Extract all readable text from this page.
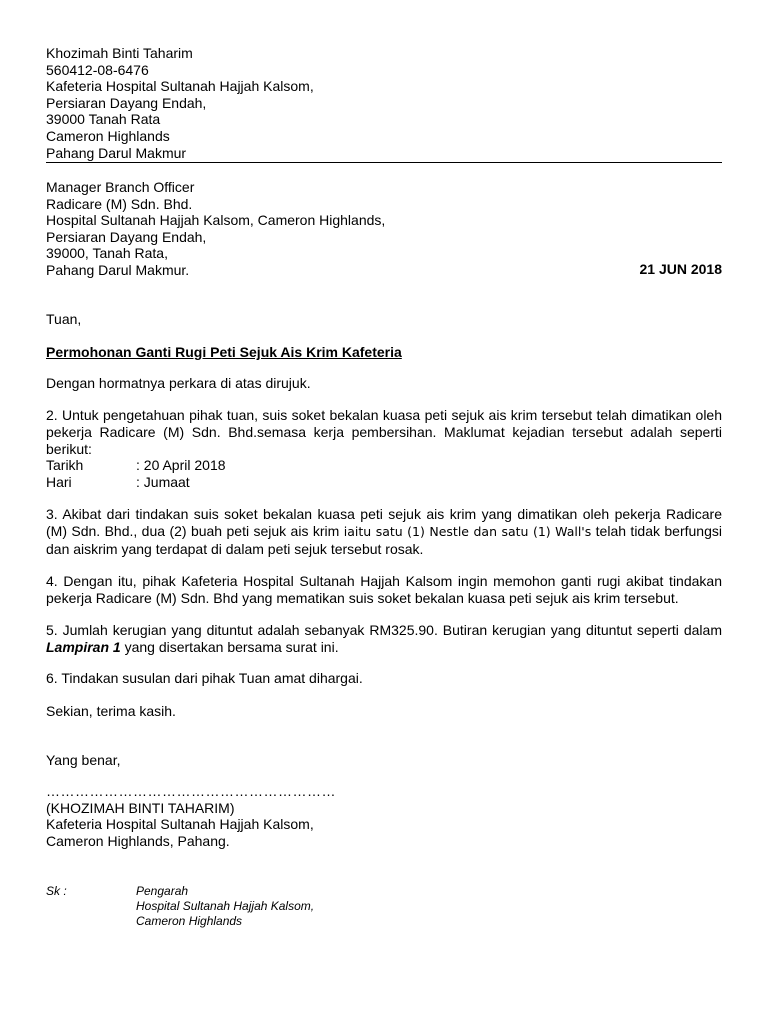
Khozimah Binti Taharim
560412-08-6476
Kafeteria Hospital Sultanah Hajjah Kalsom,
Persiaran Dayang Endah,
39000 Tanah Rata
Cameron Highlands
Pahang Darul Makmur
Manager Branch Officer
Radicare (M) Sdn. Bhd.
Hospital Sultanah Hajjah Kalsom, Cameron Highlands,
Persiaran Dayang Endah,
39000, Tanah Rata,
Pahang Darul Makmur.	21 JUN 2018
Tuan,
Permohonan Ganti Rugi Peti Sejuk Ais Krim Kafeteria
Dengan hormatnya perkara di atas dirujuk.
2. Untuk pengetahuan pihak tuan, suis soket bekalan kuasa peti sejuk ais krim tersebut telah dimatikan oleh pekerja Radicare (M) Sdn. Bhd.semasa kerja pembersihan. Maklumat kejadian tersebut adalah seperti berikut:
Tarikh	: 20 April 2018
Hari	: Jumaat
3. Akibat dari tindakan suis soket bekalan kuasa peti sejuk ais krim yang dimatikan oleh pekerja Radicare (M) Sdn. Bhd., dua (2) buah peti sejuk ais krim iaitu satu (1) Nestle dan satu (1) Wall's telah tidak berfungsi dan aiskrim yang terdapat di dalam peti sejuk tersebut rosak.
4. Dengan itu, pihak Kafeteria Hospital Sultanah Hajjah Kalsom ingin memohon ganti rugi akibat tindakan pekerja Radicare (M) Sdn. Bhd yang mematikan suis soket bekalan kuasa peti sejuk ais krim tersebut.
5. Jumlah kerugian yang dituntut adalah sebanyak RM325.90. Butiran kerugian yang dituntut seperti dalam Lampiran 1 yang disertakan bersama surat ini.
6. Tindakan susulan dari pihak Tuan amat dihargai.
Sekian, terima kasih.
Yang benar,
……………………………………………………
(KHOZIMAH BINTI TAHARIM)
Kafeteria Hospital Sultanah Hajjah Kalsom,
Cameron Highlands, Pahang.
Sk :	Pengarah
Hospital Sultanah Hajjah Kalsom,
Cameron Highlands
